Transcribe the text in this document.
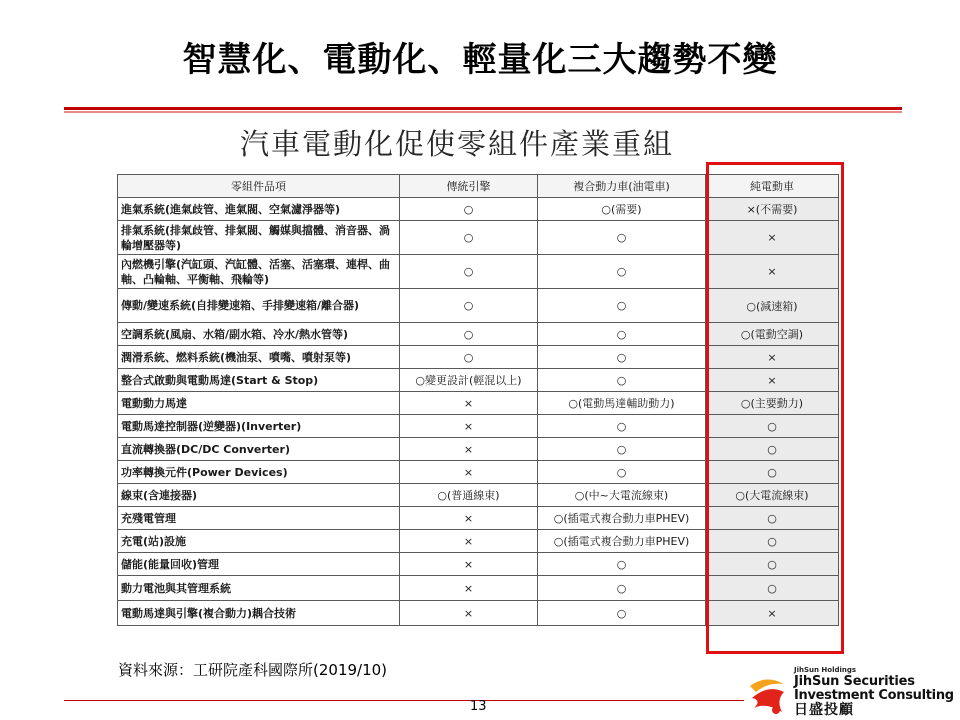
智慧化、電動化、輕量化三大趨勢不變
汽車電動化促使零組件產業重組
零組件品項	傳統引擎	複合動力車(油電車)	純電動車
進氣系統(進氣歧管、進氣閥、空氣濾淨器等)	○	○(需要)	×(不需要)
排氣系統(排氣歧管、排氣閥、觸媒與擋體、消音器、渦輪增壓器等)	○	○	×
內燃機引擎(汽缸頭、汽缸體、活塞、活塞環、連桿、曲軸、凸輪軸、平衡軸、飛輪等)	○	○	×
傳動/變速系統(自排變速箱、手排變速箱/離合器)	○	○	○(減速箱)
空調系統(風扇、水箱/副水箱、冷水/熱水管等)	○	○	○(電動空調)
潤滑系統、燃料系統(機油泵、噴嘴、噴射泵等)	○	○	×
整合式啟動與電動馬達(Start & Stop)	○變更設計(輕混以上)	○	×
電動動力馬達	×	○(電動馬達輔助動力)	○(主要動力)
電動馬達控制器(逆變器)(Inverter)	×	○	○
直流轉換器(DC/DC Converter)	×	○	○
功率轉換元件(Power Devices)	×	○	○
線束(含連接器)	○(普通線束)	○(中~大電流線束)	○(大電流線束)
充殘電管理	×	○(插電式複合動力車PHEV)	○
充電(站)設施	×	○(插電式複合動力車PHEV)	○
儲能(能量回收)管理	×	○	○
動力電池與其管理系統	×	○	○
電動馬達與引擎(複合動力)耦合技術	×	○	×
資料來源：工研院產科國際所(2019/10)
13
JihSun Holdings
JihSun Securities
Investment Consulting
日盛投顧
